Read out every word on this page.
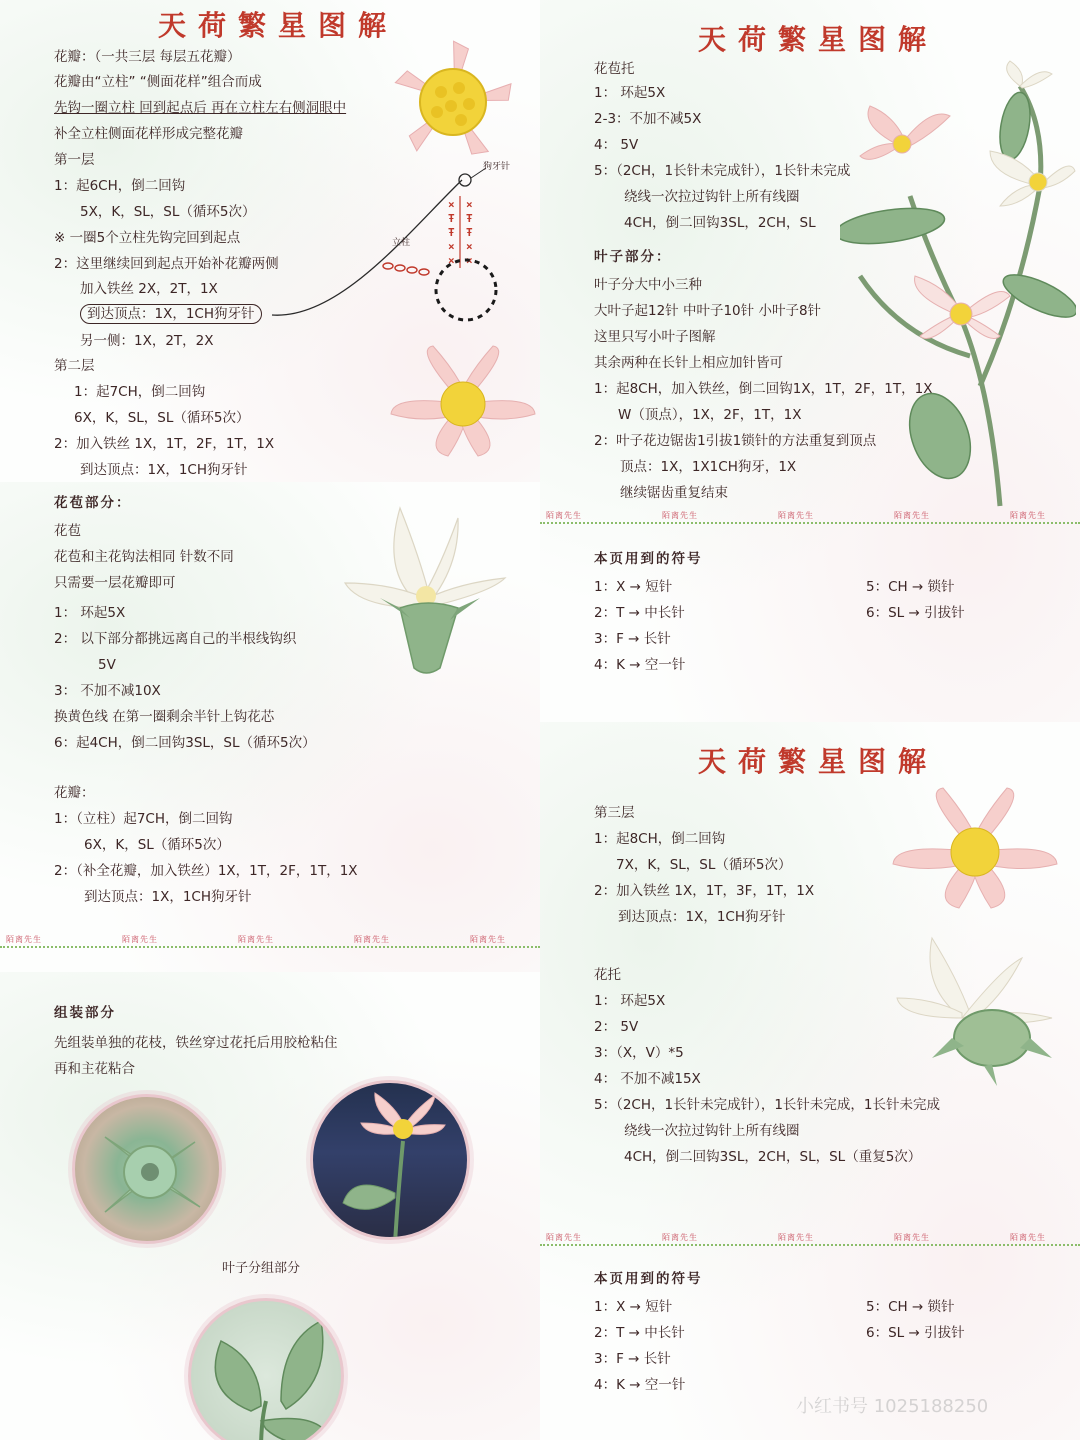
天荷繁星图解
花瓣：（一共三层 每层五花瓣）
花瓣由“立柱” “侧面花样”组合而成
先钩一圈立柱 回到起点后 再在立柱左右侧洞眼中
补全立柱侧面花样形成完整花瓣
第一层
1：起6CH，倒二回钩
5X，K，SL，SL（循环5次）
※ 一圈5个立柱先钩完回到起点
2：这里继续回到起点开始补花瓣两侧
加入铁丝 2X，2T，1X
到达顶点：1X，1CH狗牙针
另一侧：1X，2T，2X
第二层
1：起7CH，倒二回钩
6X，K，SL，SL（循环5次）
2：加入铁丝 1X，1T，2F，1T，1X
到达顶点：1X，1CH狗牙针
× ×
Ŧ Ŧ
Ŧ Ŧ
× ×
× ×
狗牙针
立柱
花苞部分：
花苞
花苞和主花钩法相同 针数不同
只需要一层花瓣即可
1： 环起5X
2： 以下部分都挑远离自己的半根线钩织
5V
3： 不加不减10X
换黄色线 在第一圈剩余半针上钩花芯
6：起4CH，倒二回钩3SL，SL（循环5次）
花瓣：
1：（立柱）起7CH，倒二回钩
6X，K，SL（循环5次）
2：（补全花瓣，加入铁丝）1X，1T，2F，1T，1X
到达顶点：1X，1CH狗牙针
陌离先生	陌离先生	陌离先生	陌离先生	陌离先生
组装部分
先组装单独的花枝，铁丝穿过花托后用胶枪粘住
再和主花粘合
叶子分组部分
天荷繁星图解
花苞托
1： 环起5X
2-3：不加不减5X
4： 5V
5：（2CH，1长针未完成针），1长针未完成
绕线一次拉过钩针上所有线圈
4CH，倒二回钩3SL，2CH，SL
叶子部分：
叶子分大中小三种
大叶子起12针 中叶子10针 小叶子8针
这里只写小叶子图解
其余两种在长针上相应加针皆可
1：起8CH，加入铁丝，倒二回钩1X，1T，2F，1T，1X
W（顶点），1X，2F，1T，1X
2：叶子花边锯齿1引拔1锁针的方法重复到顶点
顶点：1X，1X1CH狗牙，1X
继续锯齿重复结束
陌离先生	陌离先生	陌离先生	陌离先生	陌离先生
本页用到的符号
1：X → 短针
2：T → 中长针
3：F → 长针
4：K → 空一针
5：CH → 锁针
6：SL → 引拔针
天荷繁星图解
第三层
1：起8CH，倒二回钩
7X，K，SL，SL（循环5次）
2：加入铁丝 1X，1T，3F，1T，1X
到达顶点：1X，1CH狗牙针
花托
1： 环起5X
2： 5V
3：（X，V）*5
4： 不加不减15X
5：（2CH，1长针未完成针），1长针未完成，1长针未完成
绕线一次拉过钩针上所有线圈
4CH，倒二回钩3SL，2CH，SL，SL（重复5次）
陌离先生	陌离先生	陌离先生	陌离先生	陌离先生
本页用到的符号
1：X → 短针
2：T → 中长针
3：F → 长针
4：K → 空一针
5：CH → 锁针
6：SL → 引拔针
小红书号 1025188250
